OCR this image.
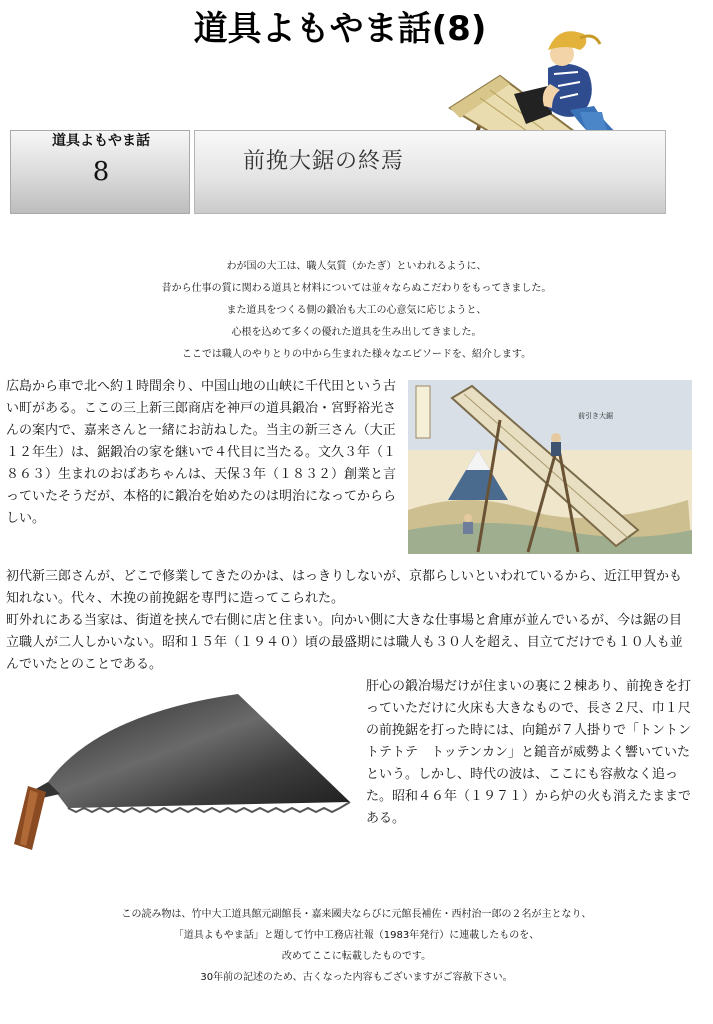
道具よもやま話(8)
道具よもやま話
8	前挽大鋸の終焉

わが国の大工は、職人気質（かたぎ）といわれるように、

昔から仕事の質に関わる道具と材料については並々ならぬこだわりをもってきました。

また道具をつくる側の鍛冶も大工の心意気に応じようと、

心根を込めて多くの優れた道具を生み出してきました。

ここでは職人のやりとりの中から生まれた様々なエピソードを、紹介します。

広島から車で北へ約１時間余り、中国山地の山峡に千代田という古い町がある。ここの三上新三郎商店を神戸の道具鍛冶・宮野裕光さんの案内で、嘉来さんと一緒にお訪ねした。当主の新三さん（大正１２年生）は、鋸鍛冶の家を継いで４代目に当たる。文久３年（１８６３）生まれのおばあちゃんは、天保３年（１８３２）創業と言っていたそうだが、本格的に鍛冶を始めたのは明治になってかららしい。
前引き大鋸
初代新三郎さんが、どこで修業してきたのかは、はっきりしないが、京都らしいといわれているから、近江甲賀かも知れない。代々、木挽の前挽鋸を専門に造ってこられた。
町外れにある当家は、街道を挟んで右側に店と住まい。向かい側に大きな仕事場と倉庫が並んでいるが、今は鋸の目立職人が二人しかいない。昭和１５年（１９４０）頃の最盛期には職人も３０人を超え、目立てだけでも１０人も並んでいたとのことである。
肝心の鍛冶場だけが住まいの裏に２棟あり、前挽きを打っていただけに火床も大きなもので、長さ２尺、巾１尺の前挽鋸を打った時には、向鎚が７人掛りで「トントン　トテトテ　トッテンカン」と鎚音が威勢よく響いていたという。しかし、時代の波は、ここにも容赦なく追った。昭和４６年（１９７１）から炉の火も消えたままである。

この読み物は、竹中大工道具館元副館長・嘉来國夫ならびに元館長補佐・西村治一郎の２名が主となり、

「道具よもやま話」と題して竹中工務店社報（1983年発行）に連載したものを、

改めてここに転載したものです。

30年前の記述のため、古くなった内容もございますがご容赦下さい。
